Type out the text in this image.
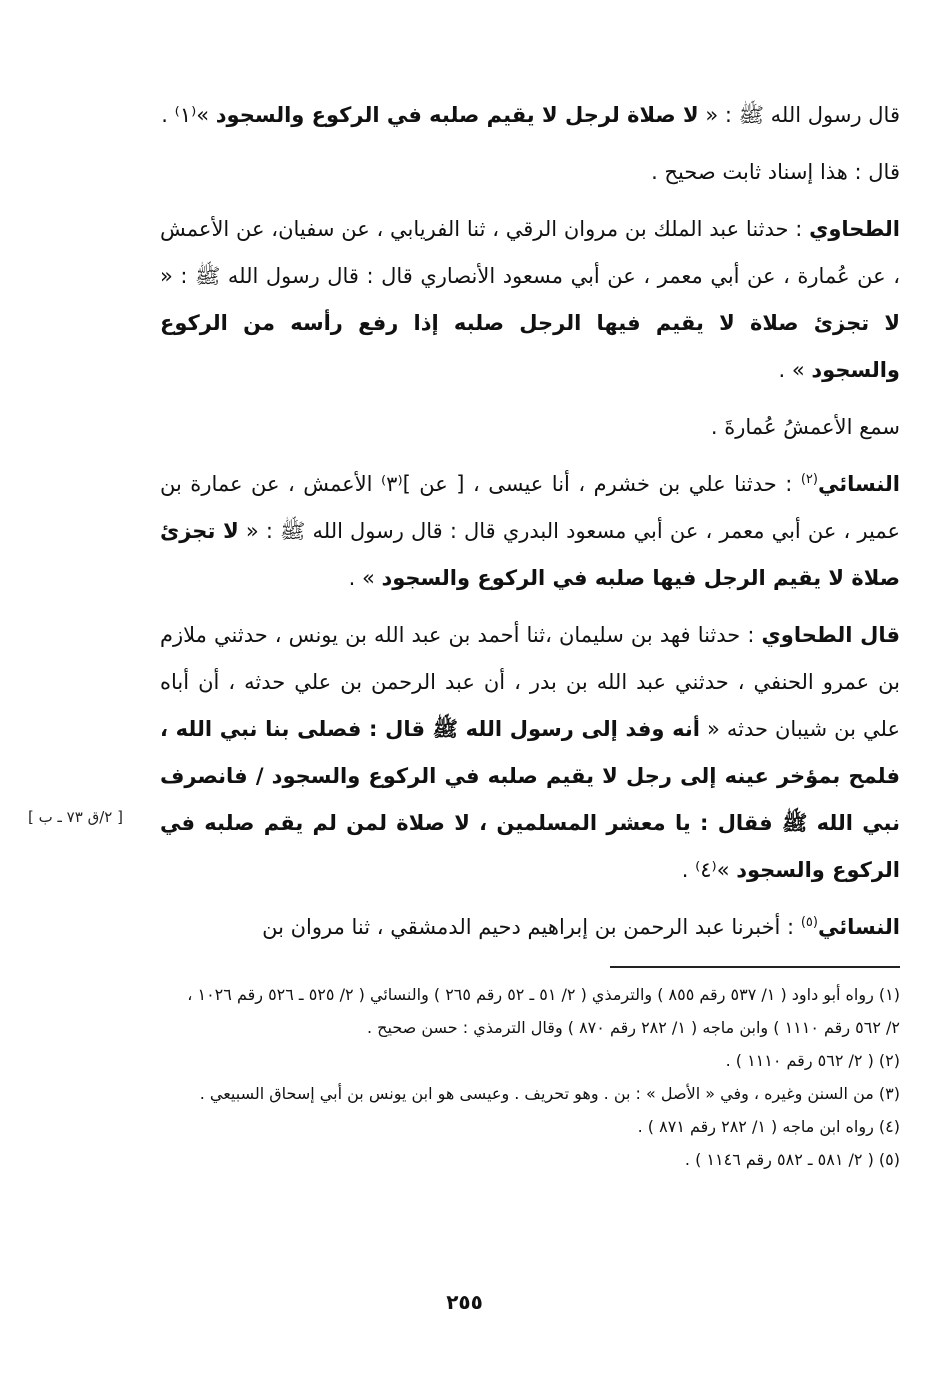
قال رسول الله ﷺ : « لا صلاة لرجل لا يقيم صلبه في الركوع والسجود »⁽١⁾ .

قال : هذا إسناد ثابت صحيح .

الطحاوي : حدثنا عبد الملك بن مروان الرقي ، ثنا الفريابي ، عن سفيان، عن الأعمش ، عن عُمارة ، عن أبي معمر ، عن أبي مسعود الأنصاري قال : قال رسول الله ﷺ : « لا تجزئ صلاة لا يقيم فيها الرجل صلبه إذا رفع رأسه من الركوع والسجود » .

سمع الأعمشُ عُمارةَ .

النسائي$^{(٢)}$ : حدثنا علي بن خشرم ، أنا عيسى ، [ عن ]⁽٣⁾ الأعمش ، عن عمارة بن عمير ، عن أبي معمر ، عن أبي مسعود البدري قال : قال رسول الله ﷺ : « لا تجزئ صلاة لا يقيم الرجل فيها صلبه في الركوع والسجود » .

قال الطحاوي : حدثنا فهد بن سليمان ،ثنا أحمد بن عبد الله بن يونس ، حدثني ملازم بن عمرو الحنفي ، حدثني عبد الله بن بدر ، أن عبد الرحمن بن علي حدثه ، أن أباه علي بن شيبان حدثه « أنه وفد إلى رسول الله ﷺ قال : فصلى بنا نبي الله ، فلمح بمؤخر عينه إلى رجل لا يقيم صلبه في الركوع والسجود / فانصرف نبي الله ﷺ فقال : يا معشر المسلمين ، لا صلاة لمن لم يقم صلبه في الركوع والسجود »⁽٤⁾ .

النسائي$^{(٥)}$ : أخبرنا عبد الرحمن بن إبراهيم دحيم الدمشقي ، ثنا مروان بن

[ ٢/ق ٧٣ ـ ب ]

(١) رواه أبو داود ( ١/ ٥٣٧ رقم ٨٥٥ ) والترمذي ( ٢/ ٥١ ـ ٥٢ رقم ٢٦٥ ) والنسائي ( ٢/ ٥٢٥ ـ ٥٢٦ رقم ١٠٢٦ ، ٢/ ٥٦٢ رقم ١١١٠ ) وابن ماجه ( ١/ ٢٨٢ رقم ٨٧٠ ) وقال الترمذي : حسن صحيح .

(٢) ( ٢/ ٥٦٢ رقم ١١١٠ ) .

(٣) من السنن وغيره ، وفي « الأصل » : بن . وهو تحريف . وعيسى هو ابن يونس بن أبي إسحاق السبيعي .

(٤) رواه ابن ماجه ( ١/ ٢٨٢ رقم ٨٧١ ) .

(٥) ( ٢/ ٥٨١ ـ ٥٨٢ رقم ١١٤٦ ) .

٢٥٥
